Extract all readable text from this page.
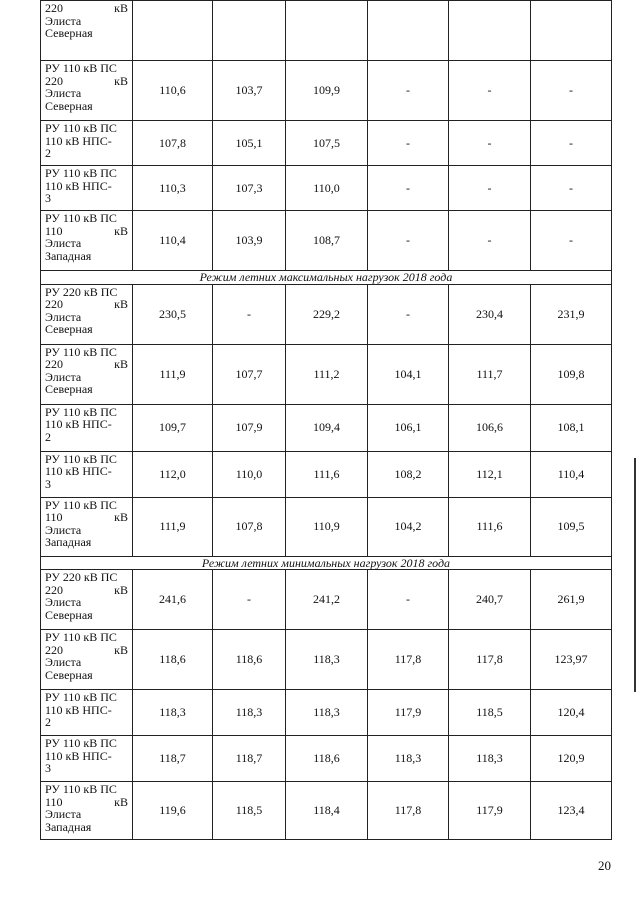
220 кВ
Элиста
Северная						

РУ 110 кВ ПС
220 кВ
Элиста
Северная	110,6	103,7	109,9	-	-	-

РУ 110 кВ ПС
110 кВ НПС-
2	107,8	105,1	107,5	-	-	-

РУ 110 кВ ПС
110 кВ НПС-
3	110,3	107,3	110,0	-	-	-

РУ 110 кВ ПС
110 кВ
Элиста
Западная	110,4	103,9	108,7	-	-	-
Режим летних максимальных нагрузок 2018 года						

РУ 220 кВ ПС
220 кВ
Элиста
Северная	230,5	-	229,2	-	230,4	231,9

РУ 110 кВ ПС
220 кВ
Элиста
Северная	111,9	107,7	111,2	104,1	111,7	109,8

РУ 110 кВ ПС
110 кВ НПС-
2	109,7	107,9	109,4	106,1	106,6	108,1

РУ 110 кВ ПС
110 кВ НПС-
3	112,0	110,0	111,6	108,2	112,1	110,4

РУ 110 кВ ПС
110 кВ
Элиста
Западная	111,9	107,8	110,9	104,2	111,6	109,5
Режим летних минимальных нагрузок 2018 года						

РУ 220 кВ ПС
220 кВ
Элиста
Северная	241,6	-	241,2	-	240,7	261,9

РУ 110 кВ ПС
220 кВ
Элиста
Северная	118,6	118,6	118,3	117,8	117,8	123,97

РУ 110 кВ ПС
110 кВ НПС-
2	118,3	118,3	118,3	117,9	118,5	120,4

РУ 110 кВ ПС
110 кВ НПС-
3	118,7	118,7	118,6	118,3	118,3	120,9

РУ 110 кВ ПС
110 кВ
Элиста
Западная	119,6	118,5	118,4	117,8	117,9	123,4
20
